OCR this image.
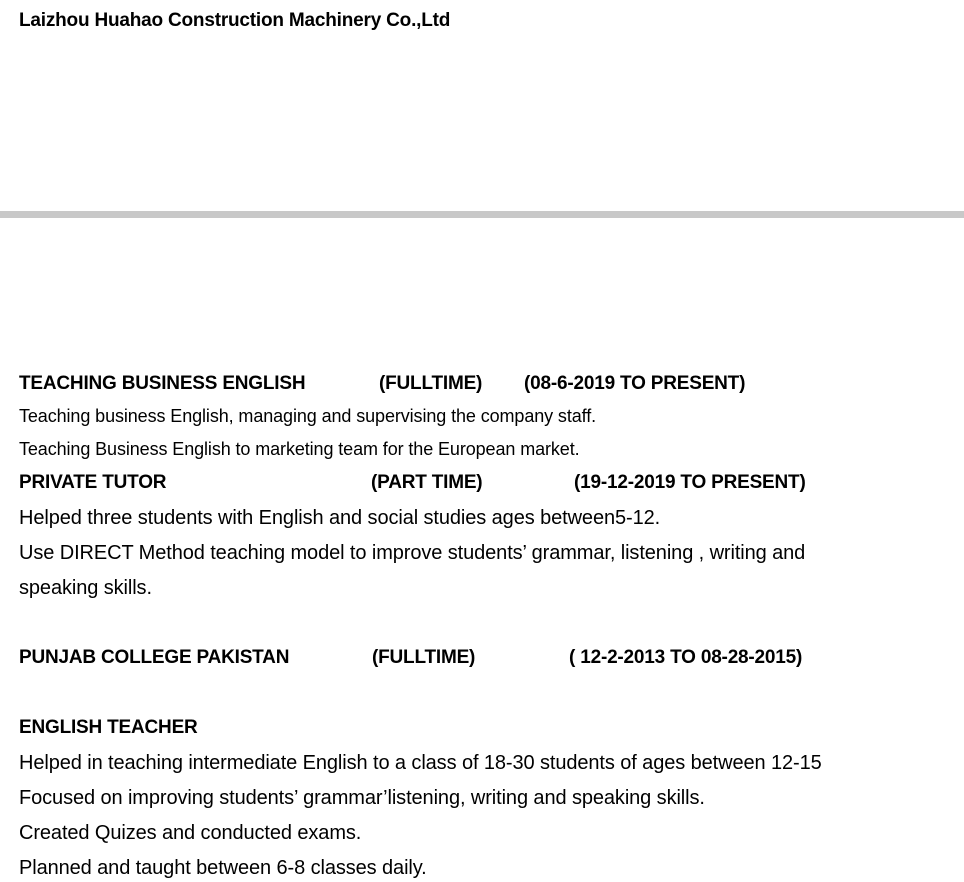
Laizhou Huahao Construction Machinery Co.,Ltd
TEACHING BUSINESS ENGLISH	(FULLTIME) (08-6-2019 TO PRESENT)
Teaching business English, managing and supervising the company staff.
Teaching Business English to marketing team for the European market.
PRIVATE TUTOR	(PART TIME)	(19-12-2019 TO PRESENT)
Helped three students with English and social studies ages between5-12.
Use DIRECT Method teaching model to improve students’ grammar, listening , writing and
speaking skills.
PUNJAB COLLEGE PAKISTAN	(FULLTIME)	( 12-2-2013 TO 08-28-2015)
ENGLISH TEACHER
Helped in teaching intermediate English to a class of 18-30 students of ages between 12-15
Focused on improving students’ grammar’listening, writing and speaking skills.
Created Quizes and conducted exams.
Planned and taught between 6-8 classes daily.
